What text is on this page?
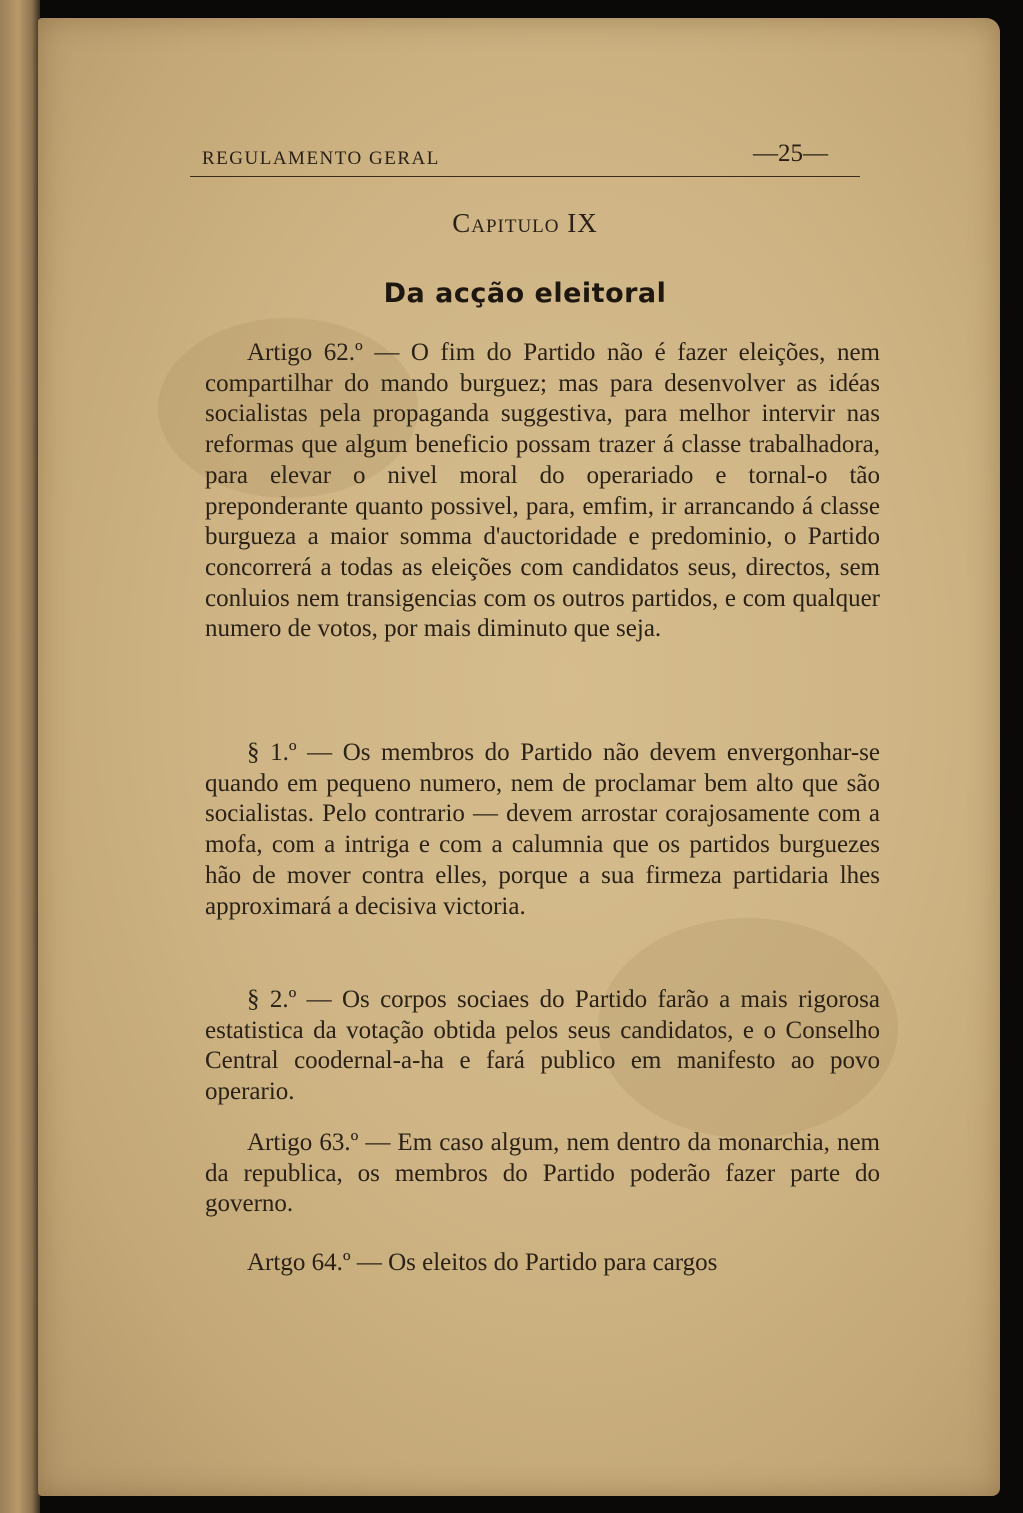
REGULAMENTO GERAL	—25—
Capitulo IX
Da acção eleitoral

Artigo 62.º — O fim do Partido não é fazer eleições, nem compartilhar do mando burguez; mas para desenvolver as idéas socialistas pela propaganda suggestiva, para melhor intervir nas reformas que algum beneficio possam trazer á classe trabalhadora, para elevar o nivel moral do operariado e tornal-o tão preponderante quanto possivel, para, emfim, ir arrancando á classe burgueza a maior somma d'auctoridade e predominio, o Partido concorrerá a todas as eleições com candidatos seus, directos, sem conluios nem transigencias com os outros partidos, e com qualquer numero de votos, por mais diminuto que seja.

§ 1.º — Os membros do Partido não devem envergonhar-se quando em pequeno numero, nem de proclamar bem alto que são socialistas. Pelo contrario — devem arrostar corajosamente com a mofa, com a intriga e com a calumnia que os partidos burguezes hão de mover contra elles, porque a sua firmeza partidaria lhes approximará a decisiva victoria.

§ 2.º — Os corpos sociaes do Partido farão a mais rigorosa estatistica da votação obtida pelos seus candidatos, e o Conselho Central coodernal-a-ha e fará publico em manifesto ao povo operario.

Artigo 63.º — Em caso algum, nem dentro da monarchia, nem da republica, os membros do Partido poderão fazer parte do governo.

Artgo 64.º — Os eleitos do Partido para cargos
